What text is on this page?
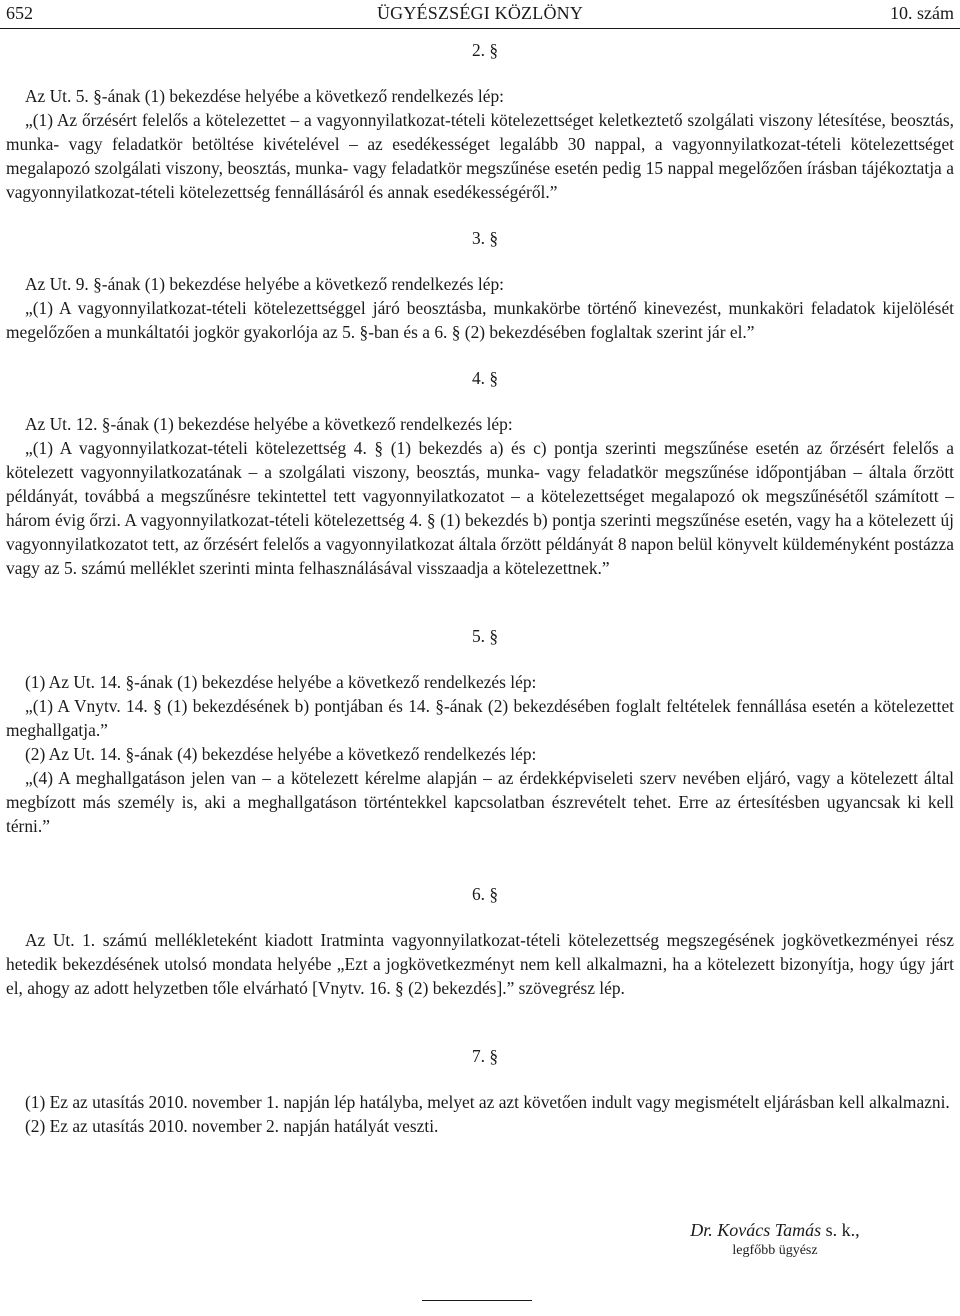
652	ÜGYÉSZSÉGI KÖZLÖNY	10. szám
2. §

Az Ut. 5. §-ának (1) bekezdése helyébe a következő rendelkezés lép:

„(1) Az őrzésért felelős a kötelezettet – a vagyonnyilatkozat-tételi kötelezettséget keletkeztető szolgálati viszony létesítése, beosztás, munka- vagy feladatkör betöltése kivételével – az esedékességet legalább 30 nappal, a vagyonnyilatkozat-tételi kötelezettséget megalapozó szolgálati viszony, beosztás, munka- vagy feladatkör megszűnése esetén pedig 15 nappal megelőzően írásban tájékoztatja a vagyonnyilatkozat-tételi kötelezettség fennállásáról és annak esedékességéről.”

3. §

Az Ut. 9. §-ának (1) bekezdése helyébe a következő rendelkezés lép:

„(1) A vagyonnyilatkozat-tételi kötelezettséggel járó beosztásba, munkakörbe történő kinevezést, munkaköri feladatok kijelölését megelőzően a munkáltatói jogkör gyakorlója az 5. §-ban és a 6. § (2) bekezdésében foglaltak szerint jár el.”

4. §

Az Ut. 12. §-ának (1) bekezdése helyébe a következő rendelkezés lép:

„(1) A vagyonnyilatkozat-tételi kötelezettség 4. § (1) bekezdés a) és c) pontja szerinti megszűnése esetén az őrzésért felelős a kötelezett vagyonnyilatkozatának – a szolgálati viszony, beosztás, munka- vagy feladatkör megszűnése időpontjában – általa őrzött példányát, továbbá a megszűnésre tekintettel tett vagyonnyilatkozatot – a kötelezettséget megalapozó ok megszűnésétől számított – három évig őrzi. A vagyonnyilatkozat-tételi kötelezettség 4. § (1) bekezdés b) pontja szerinti megszűnése esetén, vagy ha a kötelezett új vagyonnyilatkozatot tett, az őrzésért felelős a vagyonnyilatkozat általa őrzött példányát 8 napon belül könyvelt küldeményként postázza vagy az 5. számú melléklet szerinti minta felhasználásával visszaadja a kötelezettnek.”

5. §

(1) Az Ut. 14. §-ának (1) bekezdése helyébe a következő rendelkezés lép:

„(1) A Vnytv. 14. § (1) bekezdésének b) pontjában és 14. §-ának (2) bekezdésében foglalt feltételek fennállása esetén a kötelezettet meghallgatja.”

(2) Az Ut. 14. §-ának (4) bekezdése helyébe a következő rendelkezés lép:

„(4) A meghallgatáson jelen van – a kötelezett kérelme alapján – az érdekképviseleti szerv nevében eljáró, vagy a kötelezett által megbízott más személy is, aki a meghallgatáson történtekkel kapcsolatban észrevételt tehet. Erre az értesítésben ugyancsak ki kell térni.”

6. §

Az Ut. 1. számú mellékleteként kiadott Iratminta vagyonnyilatkozat-tételi kötelezettség megszegésének jogkövetkezményei rész hetedik bekezdésének utolsó mondata helyébe „Ezt a jogkövetkezményt nem kell alkalmazni, ha a kötelezett bizonyítja, hogy úgy járt el, ahogy az adott helyzetben tőle elvárható [Vnytv. 16. § (2) bekezdés].” szövegrész lép.

7. §

(1) Ez az utasítás 2010. november 1. napján lép hatályba, melyet az azt követően indult vagy megismételt eljárásban kell alkalmazni.

(2) Ez az utasítás 2010. november 2. napján hatályát veszti.

Dr. Kovács Tamás s. k.,
legfőbb ügyész
